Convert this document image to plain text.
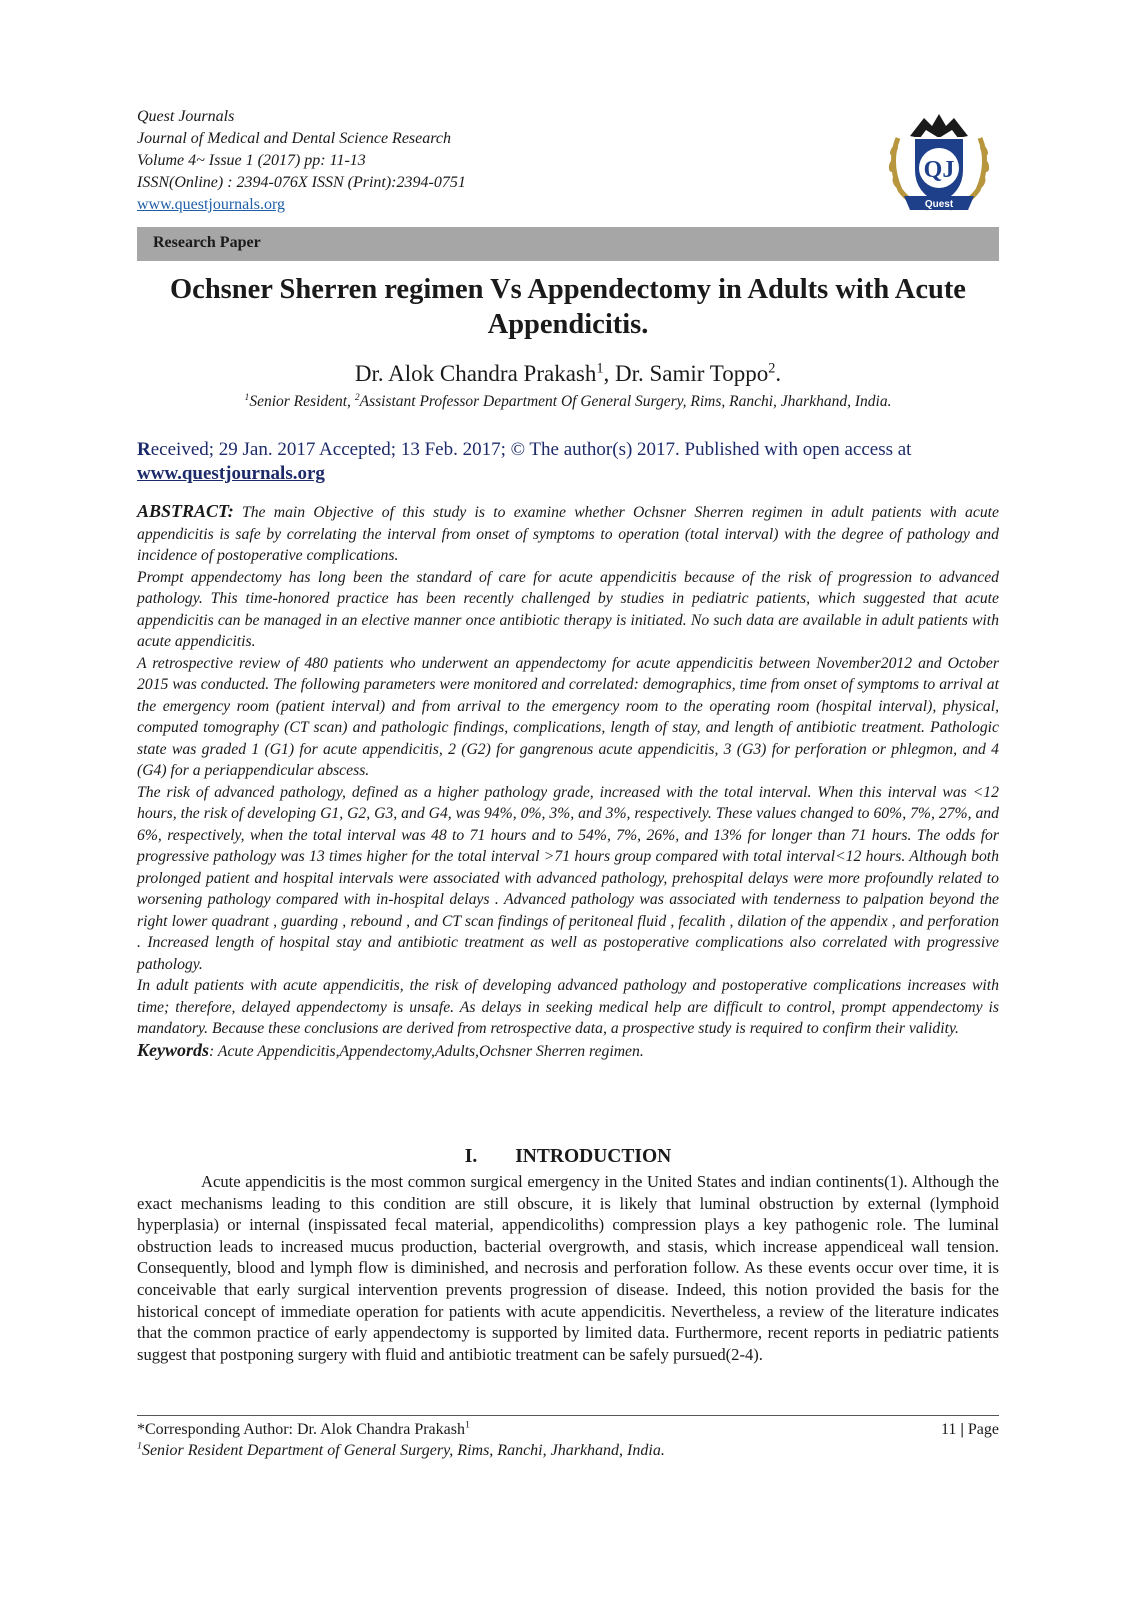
Quest Journals
Journal of Medical and Dental Science Research
Volume 4~ Issue 1 (2017) pp: 11-13
ISSN(Online) : 2394-076X ISSN (Print):2394-0751
www.questjournals.org
QJ
Quest
Research Paper
Ochsner Sherren regimen Vs Appendectomy in Adults with Acute Appendicitis.
Dr. Alok Chandra Prakash$^1$, Dr. Samir Toppo$^2$.
$^1$Senior Resident, $^2$Assistant Professor Department Of General Surgery, Rims, Ranchi, Jharkhand, India.
Received; 29 Jan. 2017 Accepted; 13 Feb. 2017; © The author(s) 2017. Published with open access at
www.questjournals.org

ABSTRACT: The main Objective of this study is to examine whether Ochsner Sherren regimen in adult patients with acute appendicitis is safe by correlating the interval from onset of symptoms to operation (total interval) with the degree of pathology and incidence of postoperative complications.

Prompt appendectomy has long been the standard of care for acute appendicitis because of the risk of progression to advanced pathology. This time-honored practice has been recently challenged by studies in pediatric patients, which suggested that acute appendicitis can be managed in an elective manner once antibiotic therapy is initiated. No such data are available in adult patients with acute appendicitis.

A retrospective review of 480 patients who underwent an appendectomy for acute appendicitis between November2012 and October 2015 was conducted. The following parameters were monitored and correlated: demographics, time from onset of symptoms to arrival at the emergency room (patient interval) and from arrival to the emergency room to the operating room (hospital interval), physical, computed tomography (CT scan) and pathologic findings, complications, length of stay, and length of antibiotic treatment. Pathologic state was graded 1 (G1) for acute appendicitis, 2 (G2) for gangrenous acute appendicitis, 3 (G3) for perforation or phlegmon, and 4 (G4) for a periappendicular abscess.

The risk of advanced pathology, defined as a higher pathology grade, increased with the total interval. When this interval was <12 hours, the risk of developing G1, G2, G3, and G4, was 94%, 0%, 3%, and 3%, respectively. These values changed to 60%, 7%, 27%, and 6%, respectively, when the total interval was 48 to 71 hours and to 54%, 7%, 26%, and 13% for longer than 71 hours. The odds for progressive pathology was 13 times higher for the total interval >71 hours group compared with total interval<12 hours. Although both prolonged patient and hospital intervals were associated with advanced pathology, prehospital delays were more profoundly related to worsening pathology compared with in-hospital delays . Advanced pathology was associated with tenderness to palpation beyond the right lower quadrant , guarding , rebound , and CT scan findings of peritoneal fluid , fecalith , dilation of the appendix , and perforation . Increased length of hospital stay and antibiotic treatment as well as postoperative complications also correlated with progressive pathology.

In adult patients with acute appendicitis, the risk of developing advanced pathology and postoperative complications increases with time; therefore, delayed appendectomy is unsafe. As delays in seeking medical help are difficult to control, prompt appendectomy is mandatory. Because these conclusions are derived from retrospective data, a prospective study is required to confirm their validity.

Keywords: Acute Appendicitis,Appendectomy,Adults,Ochsner Sherren regimen.

I. INTRODUCTION

Acute appendicitis is the most common surgical emergency in the United States and indian continents(1). Although the exact mechanisms leading to this condition are still obscure, it is likely that luminal obstruction by external (lymphoid hyperplasia) or internal (inspissated fecal material, appendicoliths) compression plays a key pathogenic role. The luminal obstruction leads to increased mucus production, bacterial overgrowth, and stasis, which increase appendiceal wall tension. Consequently, blood and lymph flow is diminished, and necrosis and perforation follow. As these events occur over time, it is conceivable that early surgical intervention prevents progression of disease. Indeed, this notion provided the basis for the historical concept of immediate operation for patients with acute appendicitis. Nevertheless, a review of the literature indicates that the common practice of early appendectomy is supported by limited data. Furthermore, recent reports in pediatric patients suggest that postponing surgery with fluid and antibiotic treatment can be safely pursued(2-4).

*Corresponding Author: Dr. Alok Chandra Prakash$^1$	11 | Page
$^1$Senior Resident Department of General Surgery, Rims, Ranchi, Jharkhand, India.
